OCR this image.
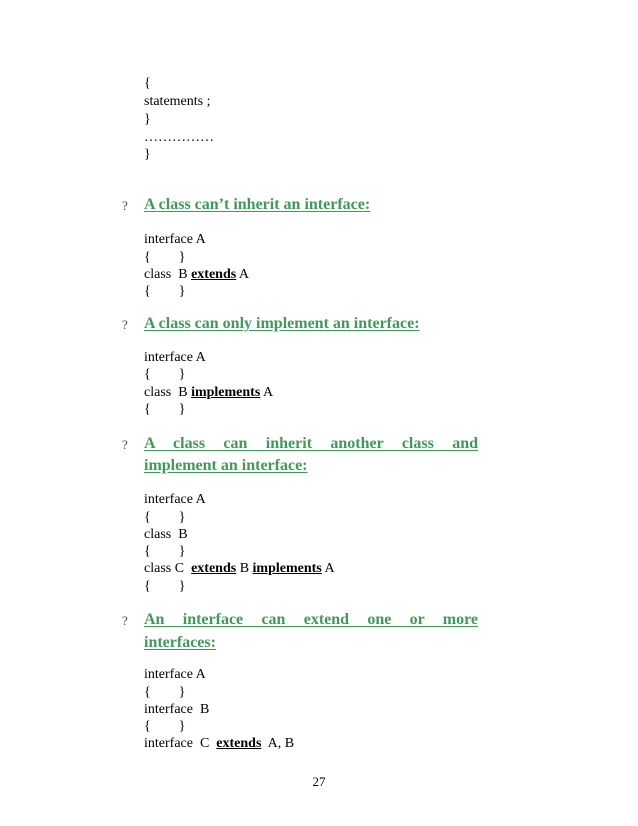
{
statements ;
}
……………
}
? A class can’t inherit an interface:
interface A
{        }
class  B extends A
{        }
? A class can only implement an interface:
interface A
{        }
class  B implements A
{        }
? A    class    can    inherit    another    class    and
implement an interface:
interface A
{        }
class  B
{        }
class C  extends B implements A
{        }
? An    interface    can    extend    one    or    more
interfaces:
interface A
{        }
interface  B
{        }
interface  C  extends  A, B
27
